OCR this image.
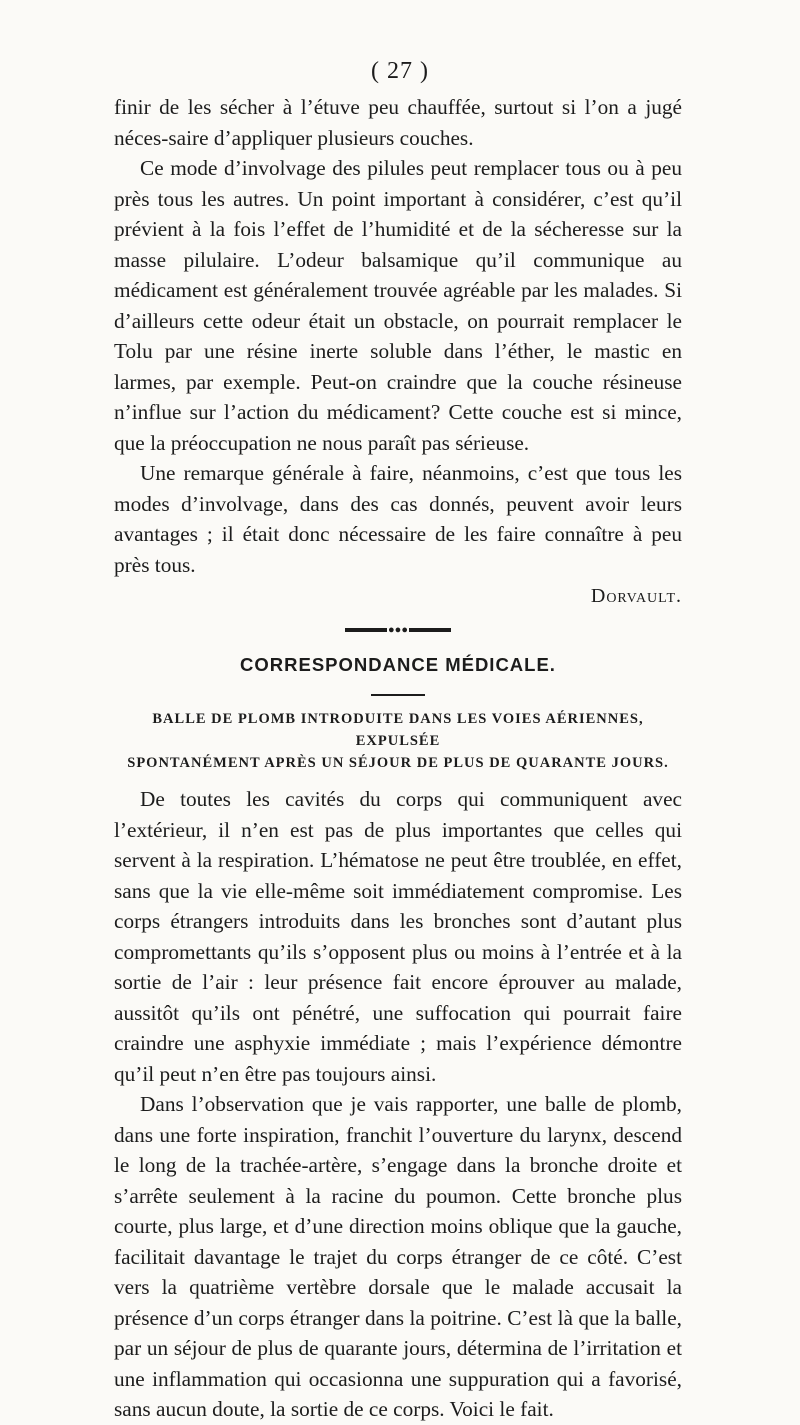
( 27 )

finir de les sécher à l’étuve peu chauffée, surtout si l’on a jugé néces-saire d’appliquer plusieurs couches.

Ce mode d’involvage des pilules peut remplacer tous ou à peu près tous les autres. Un point important à considérer, c’est qu’il prévient à la fois l’effet de l’humidité et de la sécheresse sur la masse pilulaire. L’odeur balsamique qu’il communique au médicament est généralement trouvée agréable par les malades. Si d’ailleurs cette odeur était un obstacle, on pourrait remplacer le Tolu par une résine inerte soluble dans l’éther, le mastic en larmes, par exemple. Peut-on craindre que la couche résineuse n’influe sur l’action du médicament? Cette couche est si mince, que la préoccupation ne nous paraît pas sérieuse.

Une remarque générale à faire, néanmoins, c’est que tous les modes d’involvage, dans des cas donnés, peuvent avoir leurs avantages ; il était donc nécessaire de les faire connaître à peu près tous.

Dorvault.
●●●
CORRESPONDANCE MÉDICALE.
BALLE DE PLOMB INTRODUITE DANS LES VOIES AÉRIENNES, EXPULSÉE
SPONTANÉMENT APRÈS UN SÉJOUR DE PLUS DE QUARANTE JOURS.

De toutes les cavités du corps qui communiquent avec l’extérieur, il n’en est pas de plus importantes que celles qui servent à la respiration. L’hématose ne peut être troublée, en effet, sans que la vie elle-même soit immédiatement compromise. Les corps étrangers introduits dans les bronches sont d’autant plus compromettants qu’ils s’opposent plus ou moins à l’entrée et à la sortie de l’air : leur présence fait encore éprouver au malade, aussitôt qu’ils ont pénétré, une suffocation qui pourrait faire craindre une asphyxie immédiate ; mais l’expérience démontre qu’il peut n’en être pas toujours ainsi.

Dans l’observation que je vais rapporter, une balle de plomb, dans une forte inspiration, franchit l’ouverture du larynx, descend le long de la trachée-artère, s’engage dans la bronche droite et s’arrête seulement à la racine du poumon. Cette bronche plus courte, plus large, et d’une direction moins oblique que la gauche, facilitait davantage le trajet du corps étranger de ce côté. C’est vers la quatrième vertèbre dorsale que le malade accusait la présence d’un corps étranger dans la poitrine. C’est là que la balle, par un séjour de plus de quarante jours, détermina de l’irritation et une inflammation qui occasionna une suppuration qui a favorisé, sans aucun doute, la sortie de ce corps. Voici le fait.
